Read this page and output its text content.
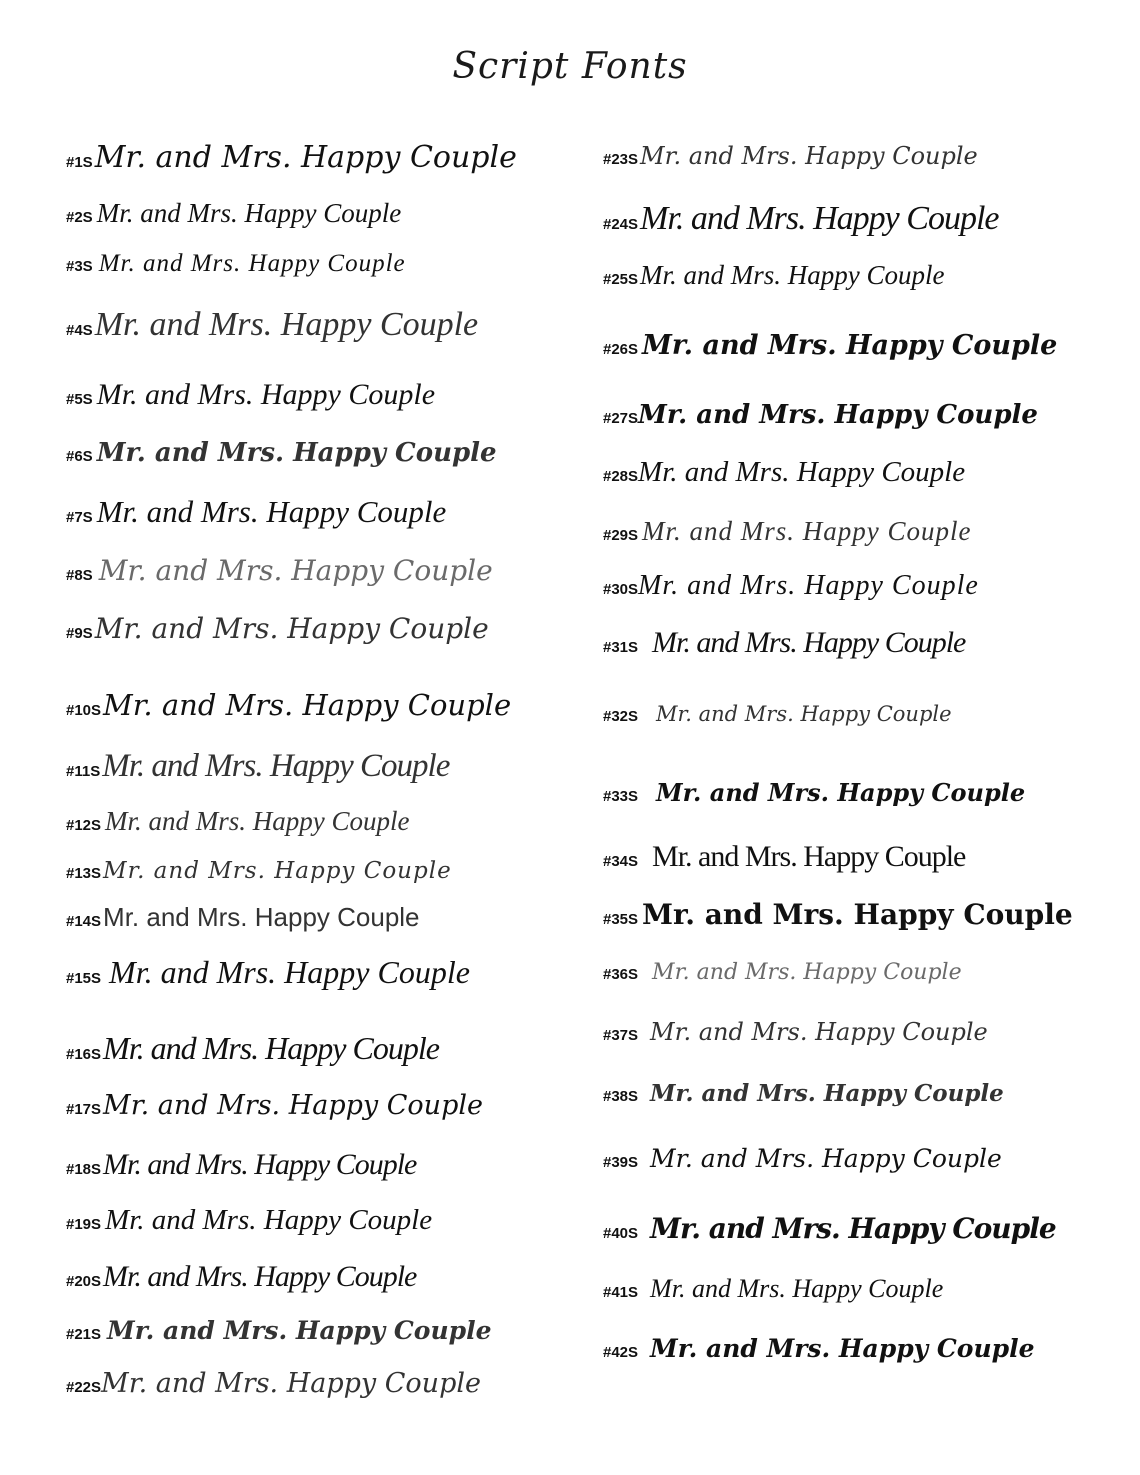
Script Fonts
#1S Mr. and Mrs. Happy Couple
#2S Mr. and Mrs. Happy Couple
#3S Mr. and Mrs. Happy Couple
#4S Mr. and Mrs. Happy Couple
#5S Mr. and Mrs. Happy Couple
#6S Mr. and Mrs. Happy Couple
#7S Mr. and Mrs. Happy Couple
#8S Mr. and Mrs. Happy Couple
#9S Mr. and Mrs. Happy Couple
#10S Mr. and Mrs. Happy Couple
#11S Mr. and Mrs. Happy Couple
#12S Mr. and Mrs. Happy Couple
#13S Mr. and Mrs. Happy Couple
#14S Mr. and Mrs. Happy Couple
#15S Mr. and Mrs. Happy Couple
#16S Mr. and Mrs. Happy Couple
#17S Mr. and Mrs. Happy Couple
#18S Mr. and Mrs. Happy Couple
#19S Mr. and Mrs. Happy Couple
#20S Mr. and Mrs. Happy Couple
#21S Mr. and Mrs. Happy Couple
#22S Mr. and Mrs. Happy Couple
#23S Mr. and Mrs. Happy Couple
#24S Mr. and Mrs. Happy Couple
#25S Mr. and Mrs. Happy Couple
#26S Mr. and Mrs. Happy Couple
#27S Mr. and Mrs. Happy Couple
#28S Mr. and Mrs. Happy Couple
#29S Mr. and Mrs. Happy Couple
#30S Mr. and Mrs. Happy Couple
#31S Mr. and Mrs. Happy Couple
#32S Mr. and Mrs. Happy Couple
#33S Mr. and Mrs. Happy Couple
#34S Mr. and Mrs. Happy Couple
#35S Mr. and Mrs. Happy Couple
#36S Mr. and Mrs. Happy Couple
#37S Mr. and Mrs. Happy Couple
#38S Mr. and Mrs. Happy Couple
#39S Mr. and Mrs. Happy Couple
#40S Mr. and Mrs. Happy Couple
#41S Mr. and Mrs. Happy Couple
#42S Mr. and Mrs. Happy Couple
